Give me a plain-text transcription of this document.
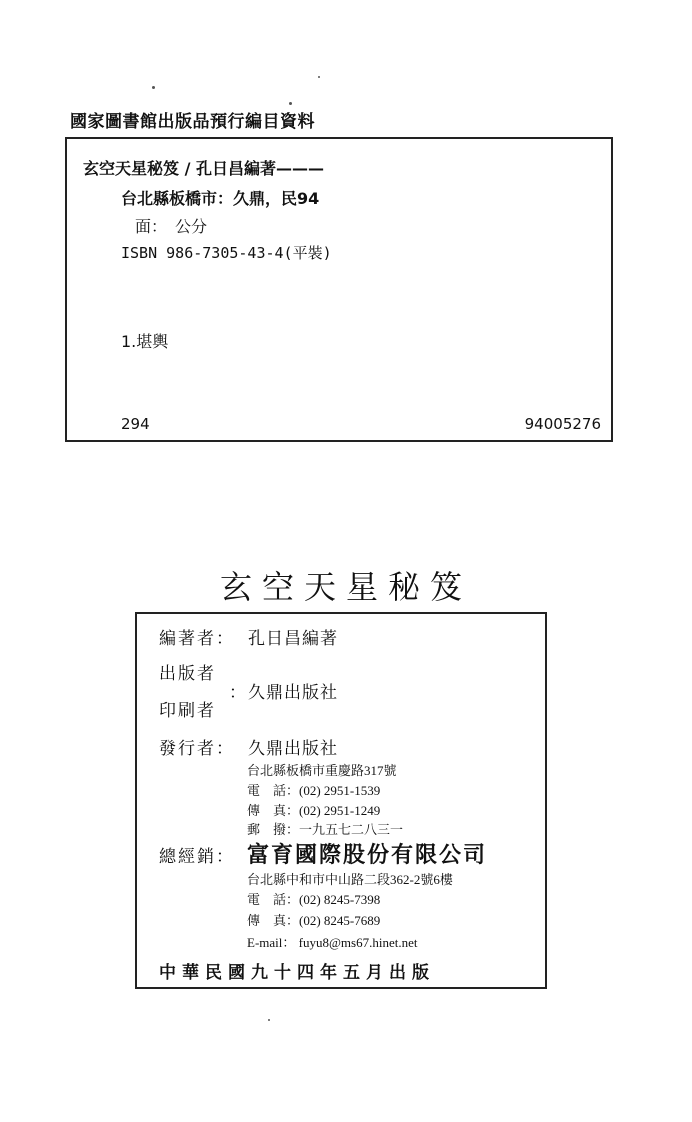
國家圖書館出版品預行編目資料
玄空天星秘笈 / 孔日昌編著———
台北縣板橋市：久鼎，民94
面：　公分
ISBN 986-7305-43-4(平裝)
1.堪輿
294	94005276
玄空天星秘笈
編著者： 孔日昌編著
出版者
印刷者
： 久鼎出版社
發行者： 久鼎出版社
台北縣板橋市重慶路317號
電　話：(02) 2951-1539
傳　真：(02) 2951-1249
郵　撥：一九五七二八三一
總經銷： 富育國際股份有限公司
台北縣中和市中山路二段362-2號6樓
電　話：(02) 8245-7398
傳　真：(02) 8245-7689
E-mail： fuyu8@ms67.hinet.net
中華民國九十四年五月出版
